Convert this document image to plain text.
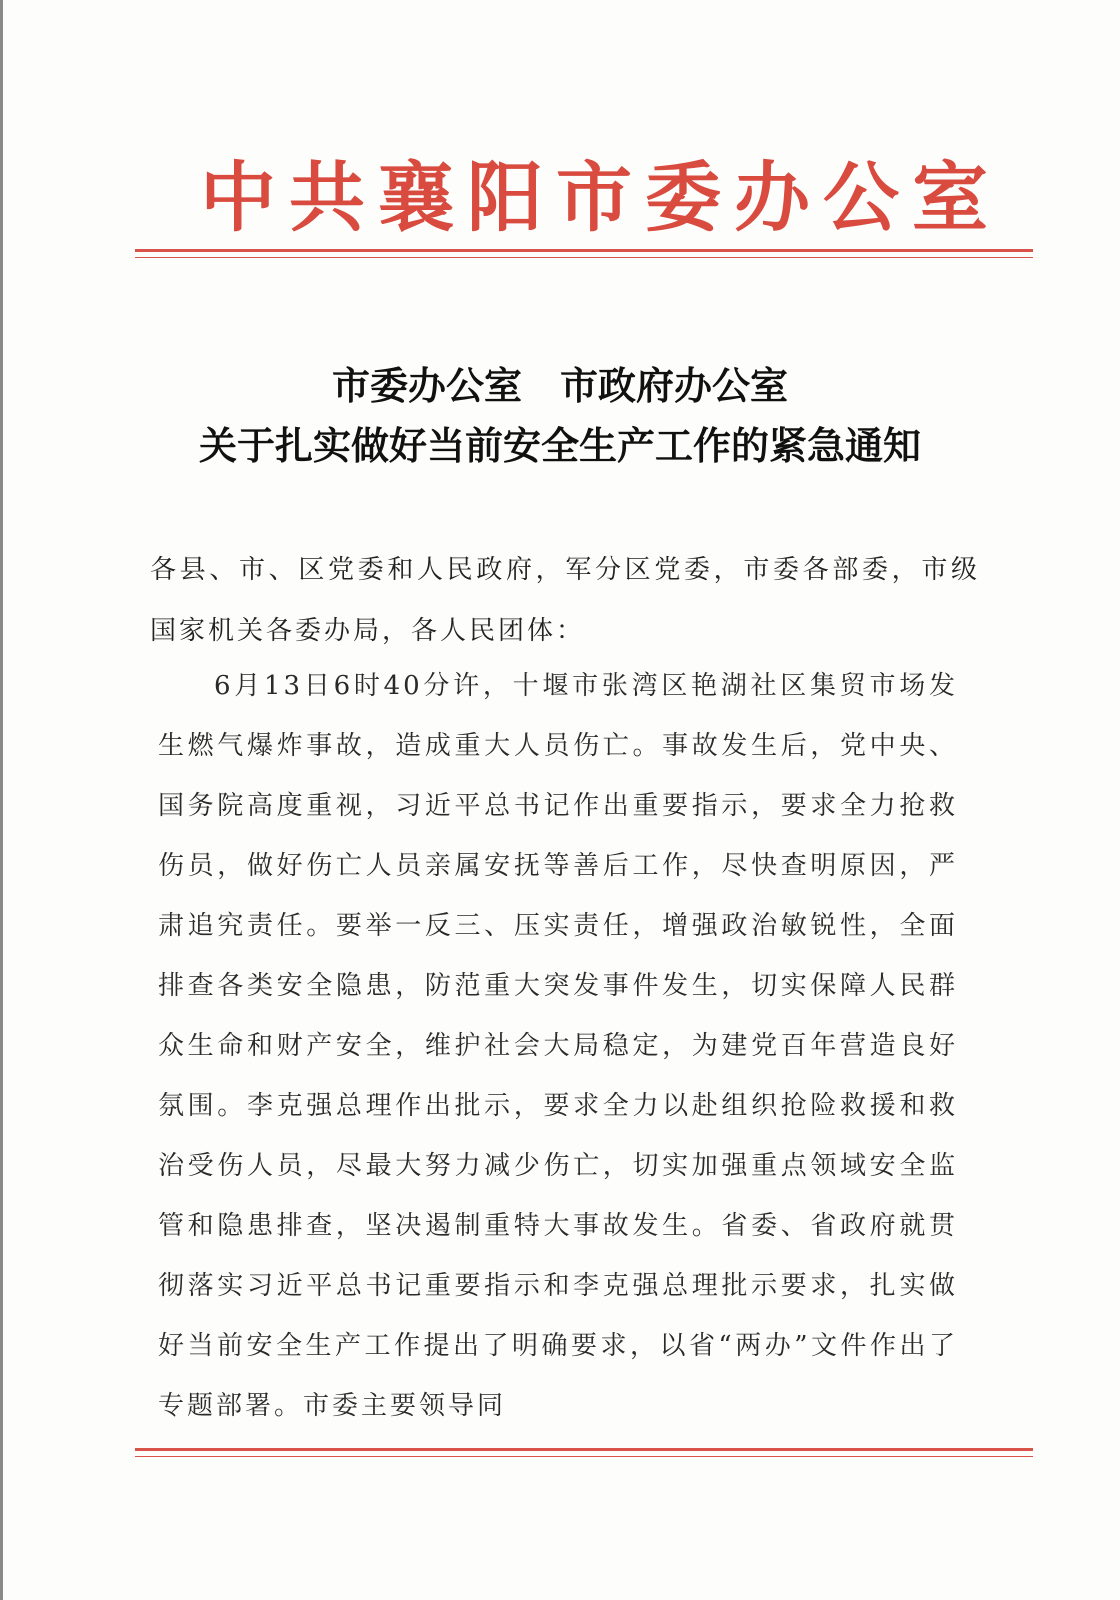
中共襄阳市委办公室
市委办公室　市政府办公室
关于扎实做好当前安全生产工作的紧急通知
各县、市、区党委和人民政府，军分区党委，市委各部委，市级国家机关各委办局，各人民团体：
6月13日6时40分许，十堰市张湾区艳湖社区集贸市场发生燃气爆炸事故，造成重大人员伤亡。事故发生后，党中央、国务院高度重视，习近平总书记作出重要指示，要求全力抢救伤员，做好伤亡人员亲属安抚等善后工作，尽快查明原因，严肃追究责任。要举一反三、压实责任，增强政治敏锐性，全面排查各类安全隐患，防范重大突发事件发生，切实保障人民群众生命和财产安全，维护社会大局稳定，为建党百年营造良好氛围。李克强总理作出批示，要求全力以赴组织抢险救援和救治受伤人员，尽最大努力减少伤亡，切实加强重点领域安全监管和隐患排查，坚决遏制重特大事故发生。省委、省政府就贯彻落实习近平总书记重要指示和李克强总理批示要求，扎实做好当前安全生产工作提出了明确要求，以省“两办”文件作出了专题部署。市委主要领导同
